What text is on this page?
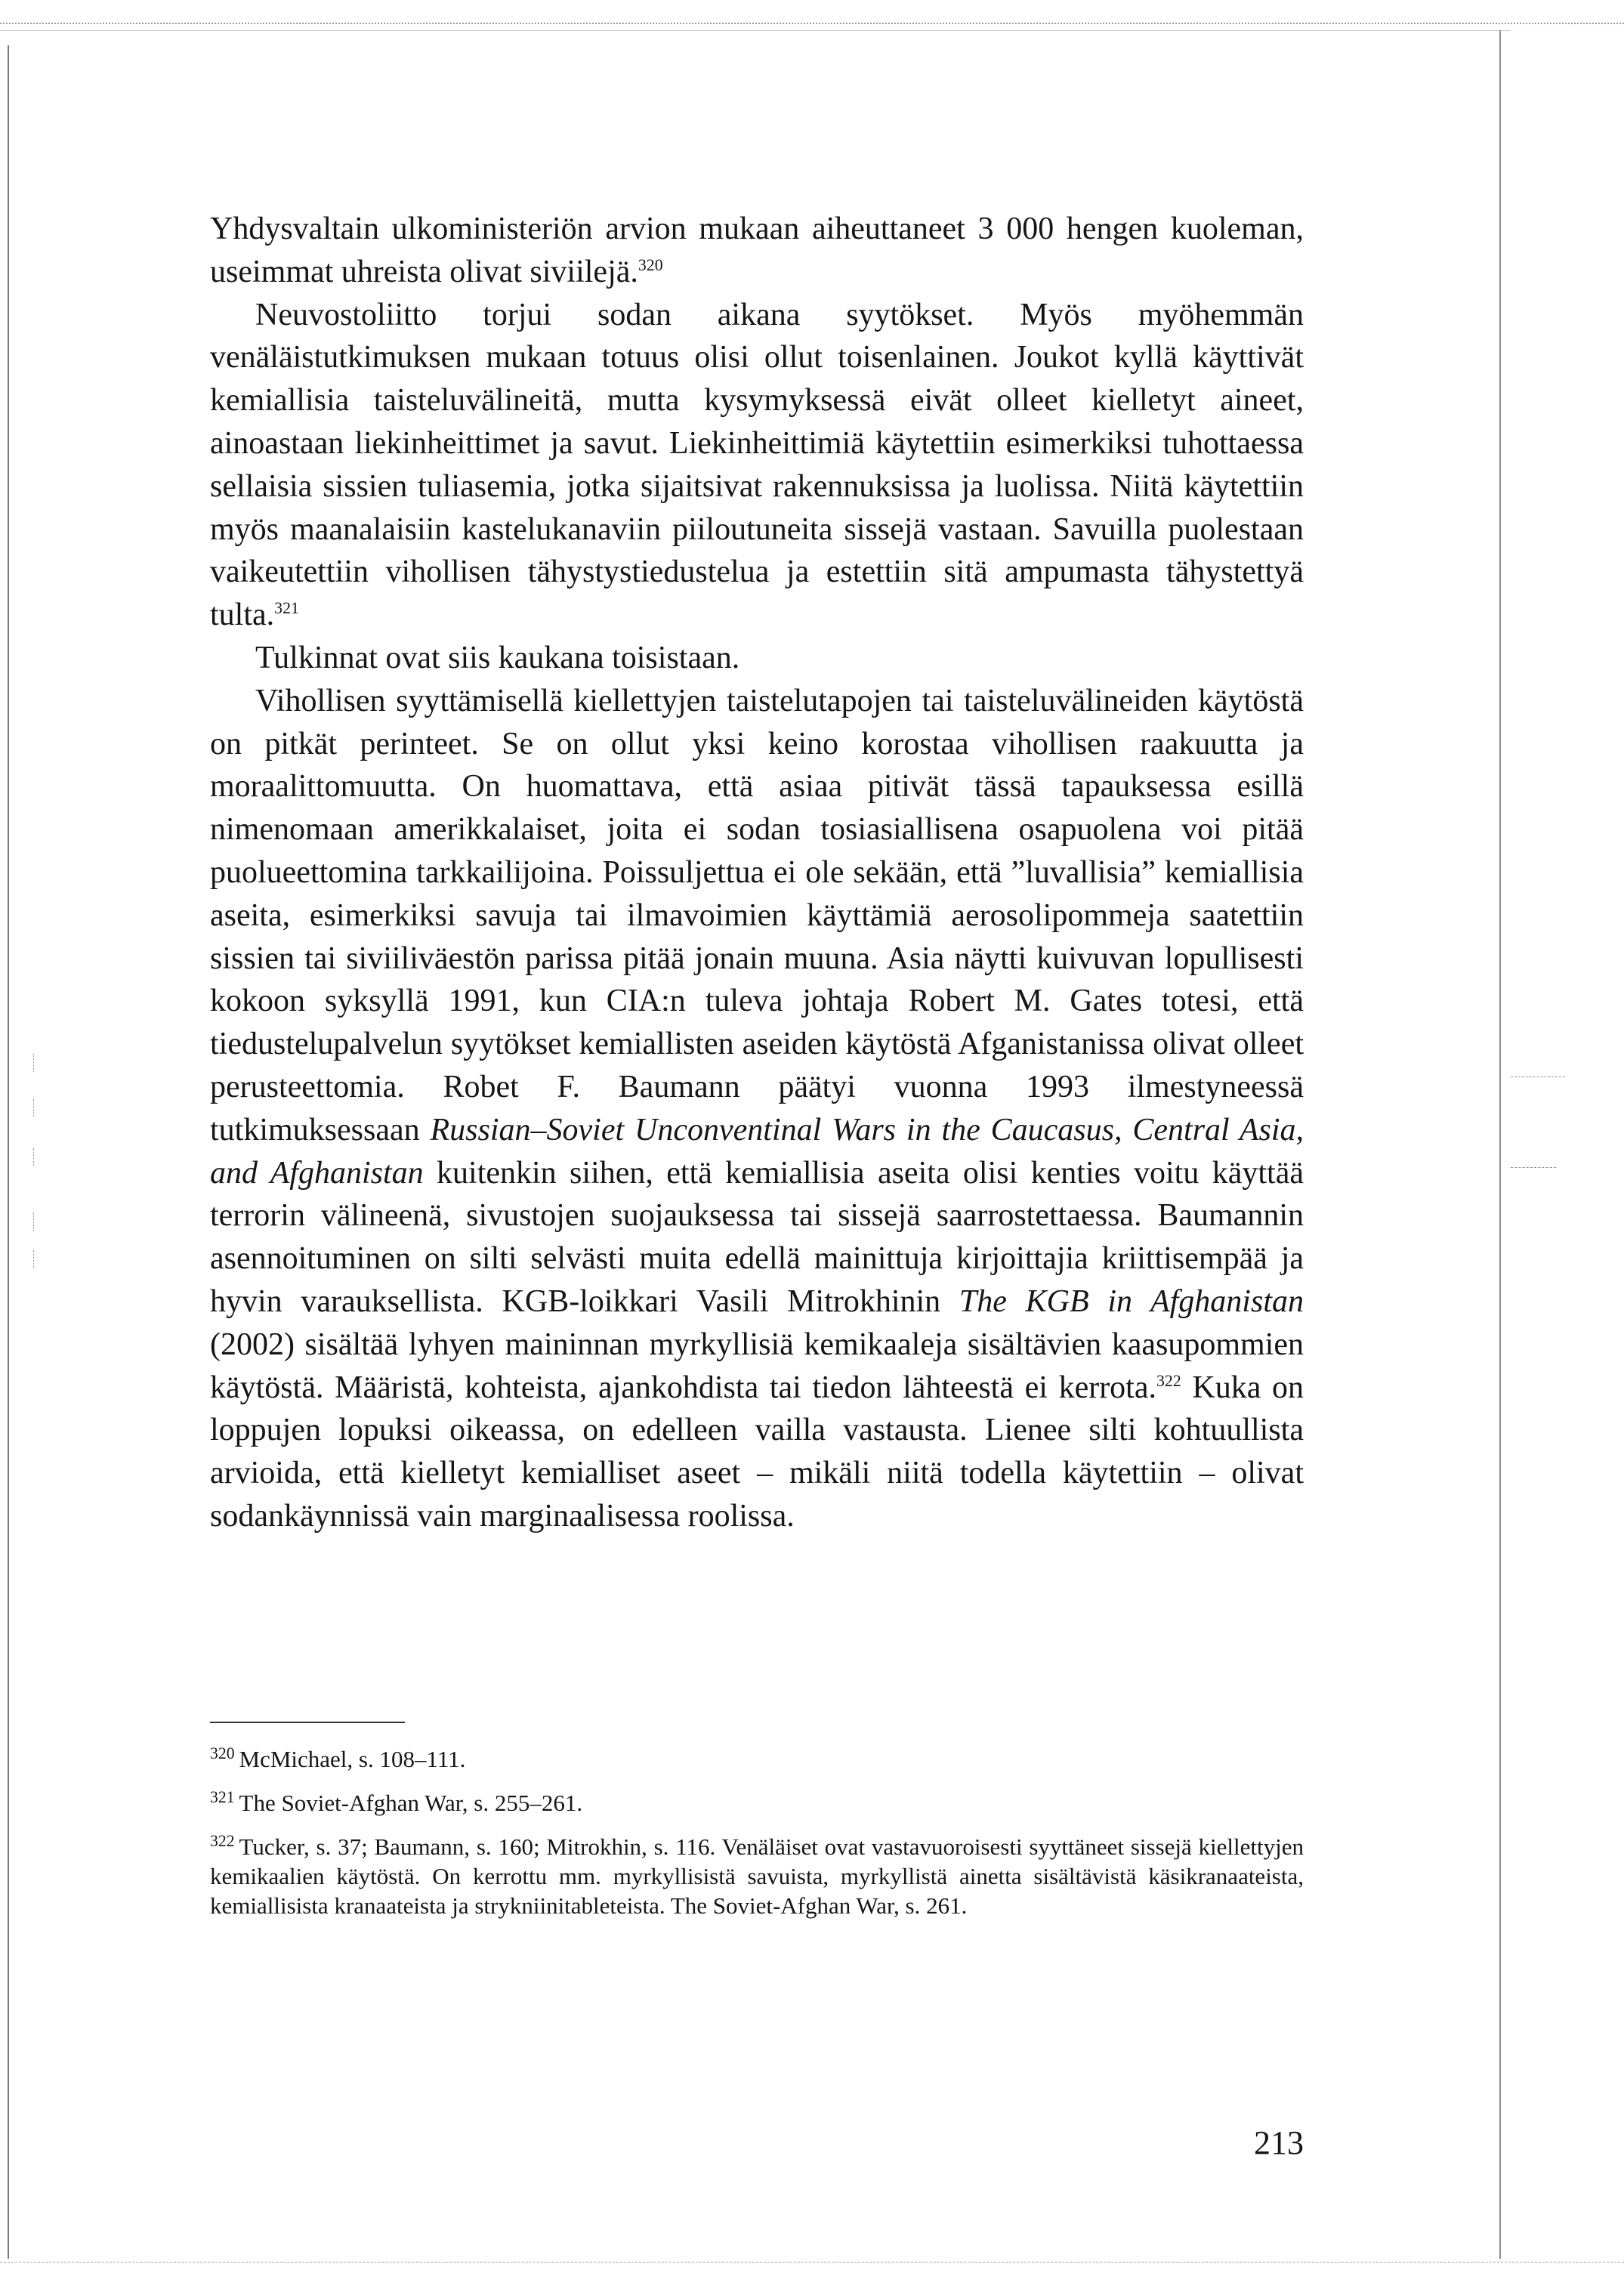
Yhdysvaltain ulkoministeriön arvion mukaan aiheuttaneet 3 000 hengen kuoleman, useimmat uhreista olivat siviilejä.$^{320}$

Neuvostoliitto torjui sodan aikana syytökset. Myös myöhemmän venäläistutkimuksen mukaan totuus olisi ollut toisenlainen. Joukot kyllä käyttivät kemiallisia taisteluvälineitä, mutta kysymyksessä eivät olleet kielletyt aineet, ainoastaan liekinheittimet ja savut. Liekinheittimiä käytettiin esimerkiksi tuhottaessa sellaisia sissien tuliasemia, jotka sijaitsivat rakennuksissa ja luolissa. Niitä käytettiin myös maanalaisiin kastelukanaviin piiloutuneita sissejä vastaan. Savuilla puolestaan vaikeutettiin vihollisen tähystystiedustelua ja estettiin sitä ampumasta tähystettyä tulta.$^{321}$

Tulkinnat ovat siis kaukana toisistaan.

Vihollisen syyttämisellä kiellettyjen taistelutapojen tai taisteluvälineiden käytöstä on pitkät perinteet. Se on ollut yksi keino korostaa vihollisen raakuutta ja moraalittomuutta. On huomattava, että asiaa pitivät tässä tapauksessa esillä nimenomaan amerikkalaiset, joita ei sodan tosiasiallisena osapuolena voi pitää puolueettomina tarkkailijoina. Poissuljettua ei ole sekään, että ”luvallisia” kemiallisia aseita, esimerkiksi savuja tai ilmavoimien käyttämiä aerosolipommeja saatettiin sissien tai siviiliväestön parissa pitää jonain muuna. Asia näytti kuivuvan lopullisesti kokoon syksyllä 1991, kun CIA:n tuleva johtaja Robert M. Gates totesi, että tiedustelupalvelun syytökset kemiallisten aseiden käytöstä Afganistanissa olivat olleet perusteettomia. Robet F. Baumann päätyi vuonna 1993 ilmestyneessä tutkimuksessaan Russian–Soviet Unconventinal Wars in the Caucasus, Central Asia, and Afghanistan kuitenkin siihen, että kemiallisia aseita olisi kenties voitu käyttää terrorin välineenä, sivustojen suojauksessa tai sissejä saarrostettaessa. Baumannin asennoituminen on silti selvästi muita edellä mainittuja kirjoittajia kriittisempää ja hyvin varauksellista. KGB-loikkari Vasili Mitrokhinin The KGB in Afghanistan (2002) sisältää lyhyen maininnan myrkyllisiä kemikaaleja sisältävien kaasupommien käytöstä. Määristä, kohteista, ajankohdista tai tiedon lähteestä ei kerrota.$^{322}$ Kuka on loppujen lopuksi oikeassa, on edelleen vailla vastausta. Lienee silti kohtuullista arvioida, että kielletyt kemialliset aseet – mikäli niitä todella käytettiin – olivat sodankäynnissä vain marginaalisessa roolissa.

$^{320}$ McMichael, s. 108–111.

$^{321}$ The Soviet-Afghan War, s. 255–261.

$^{322}$ Tucker, s. 37; Baumann, s. 160; Mitrokhin, s. 116. Venäläiset ovat vastavuoroisesti syyttäneet sissejä kiellettyjen kemikaalien käytöstä. On kerrottu mm. myrkyllisistä savuista, myrkyllistä ainetta sisältävistä käsikranaateista, kemiallisista kranaateista ja strykniinitableteista. The Soviet-Afghan War, s. 261.

213
